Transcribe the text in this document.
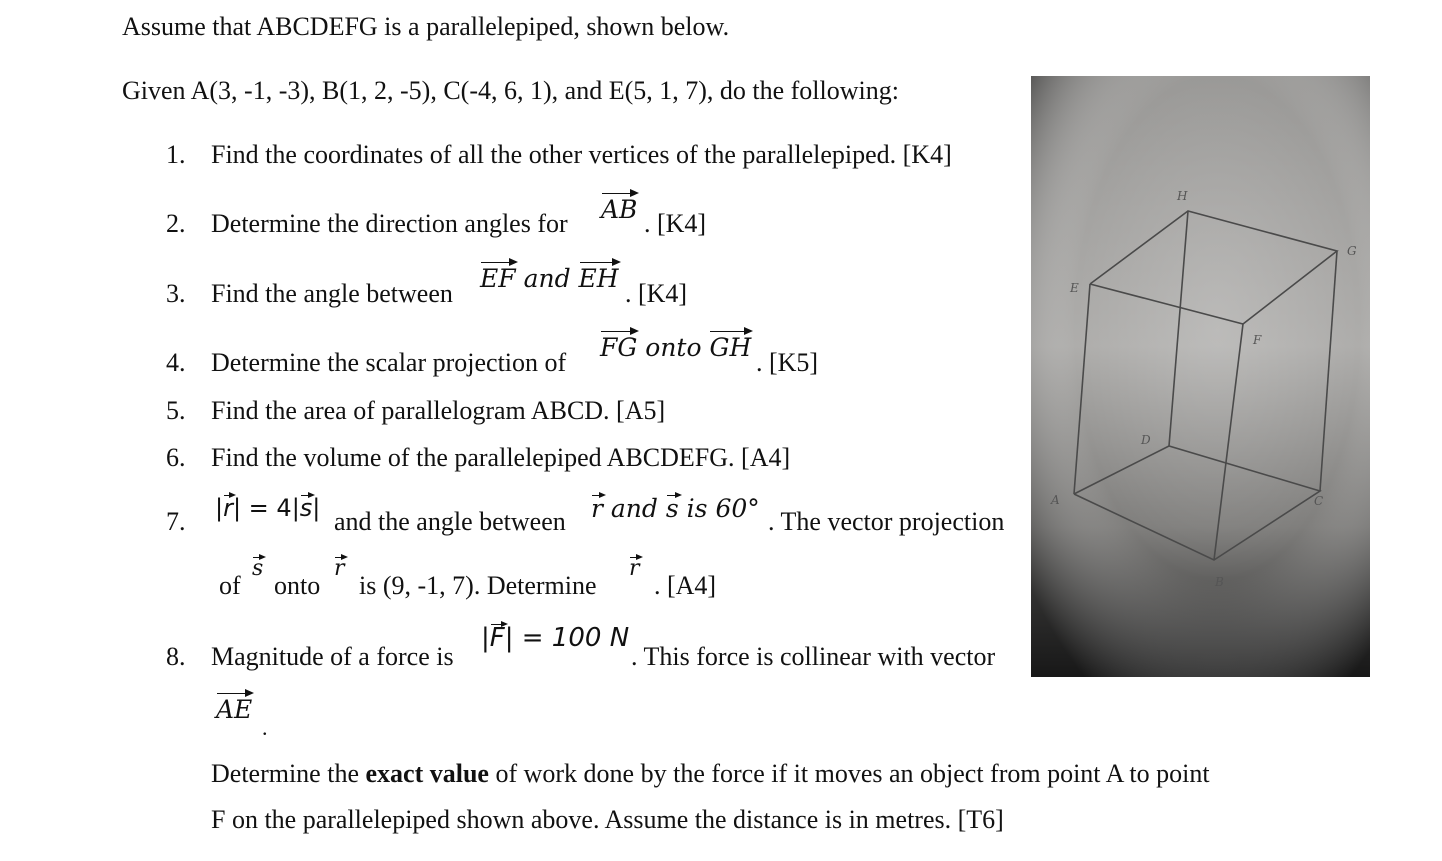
Assume that ABCDEFG is a parallelepiped, shown below.
Given A(3, -1, -3), B(1, 2, -5), C(-4, 6, 1), and E(5, 1, 7), do the following:
1. Find the coordinates of all the other vertices of the parallelepiped. [K4]
2. Determine the direction angles for AB . [K4]
3. Find the angle between
EF and EH
. [K4]
4. Determine the scalar projection of
FG onto GH
. [K5]
5. Find the area of parallelogram ABCD. [A5]
6. Find the volume of the parallelepiped ABCDEFG. [A4]
7. |r| = 4|s| and the angle between r and s is 60° . The vector projection
of
s
onto
r
is (9, -1, 7). Determine
r
. [A4]
8. Magnitude of a force is
|F| = 100 N
. This force is collinear with vector
AE
.
Determine the exact value of work done by the force if it moves an object from point A to point
F on the parallelepiped shown above. Assume the distance is in metres. [T6]
H
G
E
F
D
A	C
B
